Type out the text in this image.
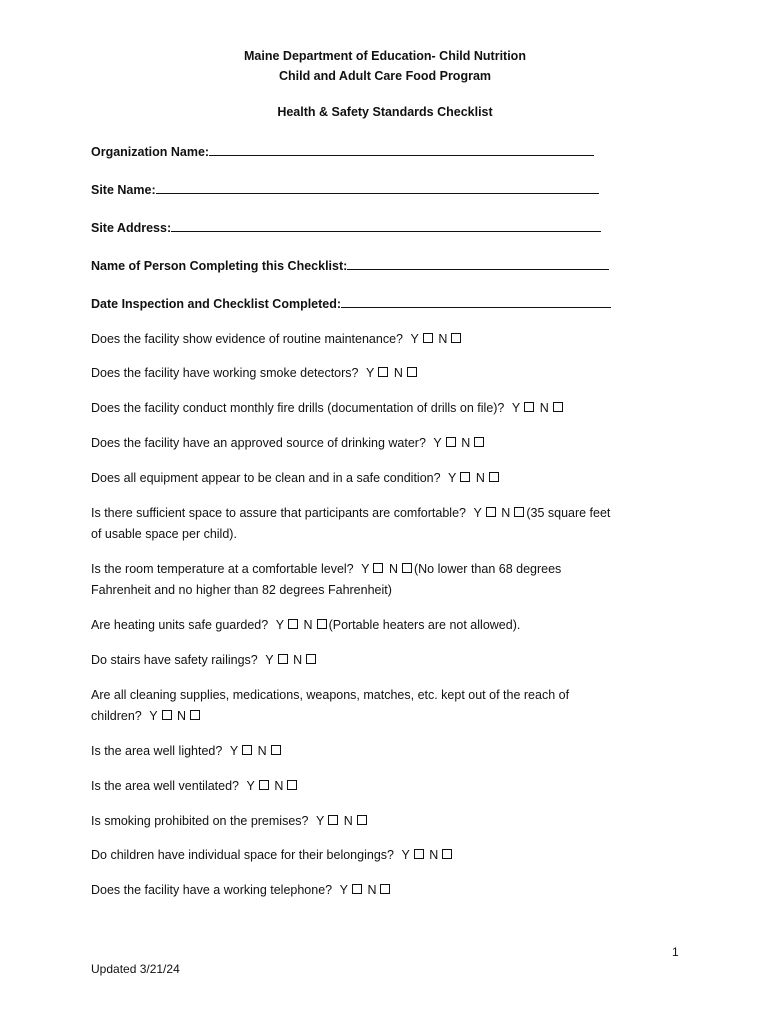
Maine Department of Education- Child Nutrition
Child and Adult Care Food Program
Health & Safety Standards Checklist
Organization Name:
Site Name:
Site Address:
Name of Person Completing this Checklist:
Date Inspection and Checklist Completed:
Does the facility show evidence of routine maintenance? Y N
Does the facility have working smoke detectors? Y N
Does the facility conduct monthly fire drills (documentation of drills on file)? Y N
Does the facility have an approved source of drinking water? Y N
Does all equipment appear to be clean and in a safe condition? Y N
Is there sufficient space to assure that participants are comfortable? Y N (35 square feet
of usable space per child).
Is the room temperature at a comfortable level? Y N (No lower than 68 degrees
Fahrenheit and no higher than 82 degrees Fahrenheit)
Are heating units safe guarded? Y N (Portable heaters are not allowed).
Do stairs have safety railings? Y N
Are all cleaning supplies, medications, weapons, matches, etc. kept out of the reach of
children? Y N
Is the area well lighted? Y N
Is the area well ventilated? Y N
Is smoking prohibited on the premises? Y N
Do children have individual space for their belongings? Y N
Does the facility have a working telephone? Y N
1
Updated 3/21/24
